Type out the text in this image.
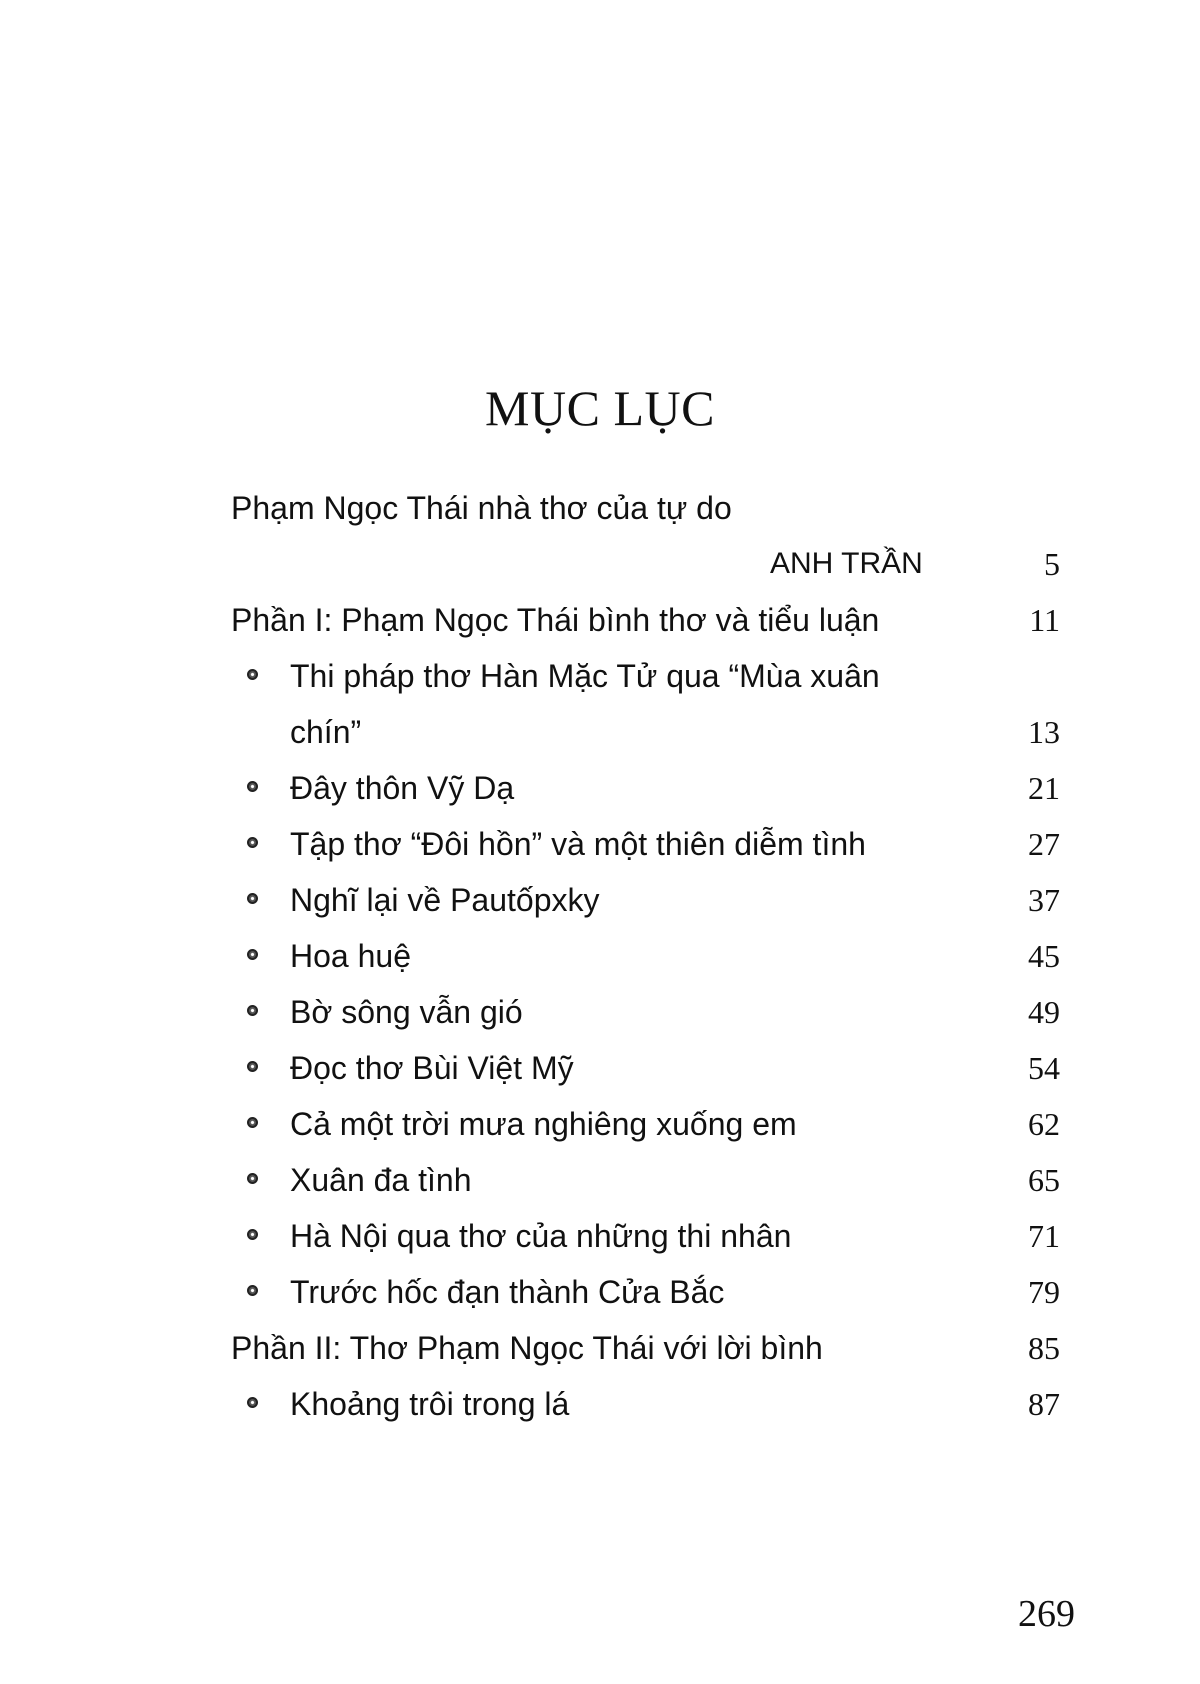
MỤC LỤC
Phạm Ngọc Thái nhà thơ của tự do
ANH TRẦN	5
Phần I: Phạm Ngọc Thái bình thơ và tiểu luận	11
Thi pháp thơ Hàn Mặc Tử qua “Mùa xuân
chín”	13
Đây thôn Vỹ Dạ	21
Tập thơ “Đôi hồn” và một thiên diễm tình	27
Nghĩ lại về Pautốpxky	37
Hoa huệ	45
Bờ sông vẫn gió	49
Đọc thơ Bùi Việt Mỹ	54
Cả một trời mưa nghiêng xuống em	62
Xuân đa tình	65
Hà Nội qua thơ của những thi nhân	71
Trước hốc đạn thành Cửa Bắc	79
Phần II: Thơ Phạm Ngọc Thái với lời bình	85
Khoảng trôi trong lá	87
269
